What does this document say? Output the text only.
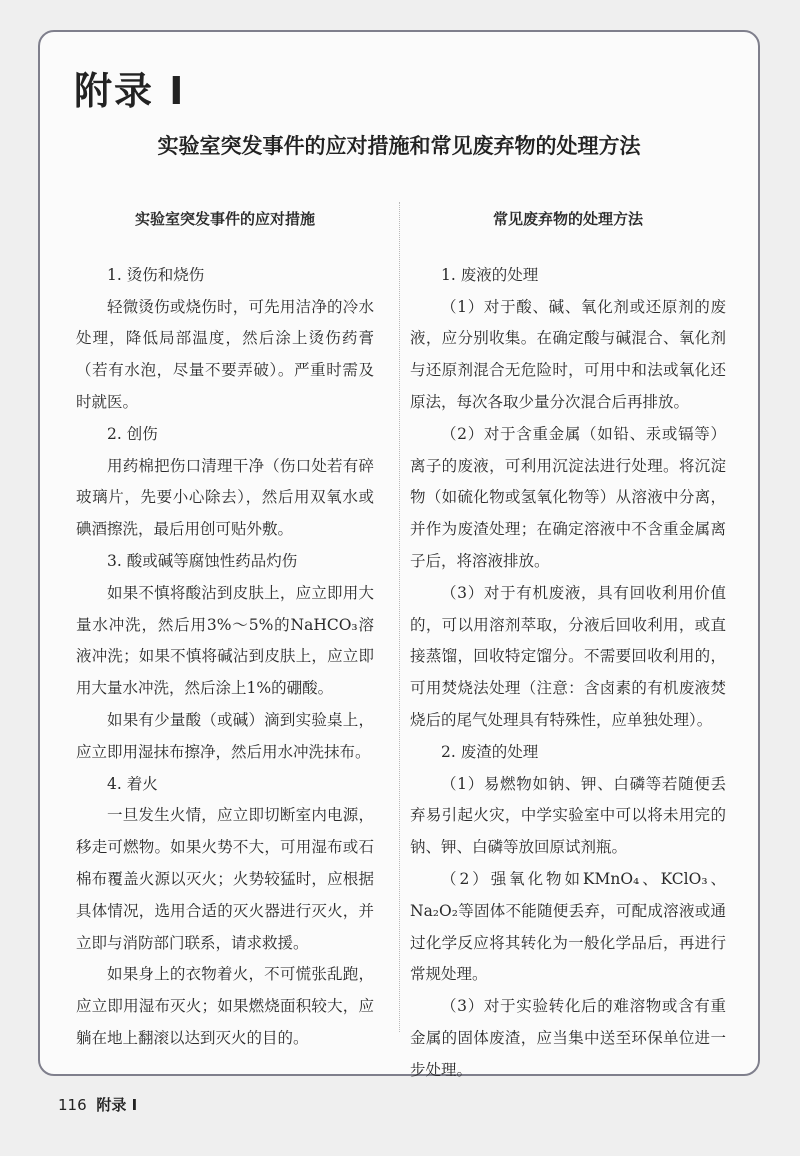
附录 I
实验室突发事件的应对措施和常见废弃物的处理方法
实验室突发事件的应对措施
1. 烫伤和烧伤
轻微烫伤或烧伤时，可先用洁净的冷水处理，降低局部温度，然后涂上烫伤药膏（若有水泡，尽量不要弄破）。严重时需及时就医。
2. 创伤
用药棉把伤口清理干净（伤口处若有碎玻璃片，先要小心除去），然后用双氧水或碘酒擦洗，最后用创可贴外敷。
3. 酸或碱等腐蚀性药品灼伤
如果不慎将酸沾到皮肤上，应立即用大量水冲洗，然后用3%～5%的NaHCO₃溶液冲洗；如果不慎将碱沾到皮肤上，应立即用大量水冲洗，然后涂上1%的硼酸。
如果有少量酸（或碱）滴到实验桌上，应立即用湿抹布擦净，然后用水冲洗抹布。
4. 着火
一旦发生火情，应立即切断室内电源，移走可燃物。如果火势不大，可用湿布或石棉布覆盖火源以灭火；火势较猛时，应根据具体情况，选用合适的灭火器进行灭火，并立即与消防部门联系，请求救援。
如果身上的衣物着火，不可慌张乱跑，应立即用湿布灭火；如果燃烧面积较大，应躺在地上翻滚以达到灭火的目的。
常见废弃物的处理方法
1. 废液的处理
（1）对于酸、碱、氧化剂或还原剂的废液，应分别收集。在确定酸与碱混合、氧化剂与还原剂混合无危险时，可用中和法或氧化还原法，每次各取少量分次混合后再排放。
（2）对于含重金属（如铅、汞或镉等）离子的废液，可利用沉淀法进行处理。将沉淀物（如硫化物或氢氧化物等）从溶液中分离，并作为废渣处理；在确定溶液中不含重金属离子后，将溶液排放。
（3）对于有机废液，具有回收利用价值的，可以用溶剂萃取，分液后回收利用，或直接蒸馏，回收特定馏分。不需要回收利用的，可用焚烧法处理（注意：含卤素的有机废液焚烧后的尾气处理具有特殊性，应单独处理）。
2. 废渣的处理
（1）易燃物如钠、钾、白磷等若随便丢弃易引起火灾，中学实验室中可以将未用完的钠、钾、白磷等放回原试剂瓶。
（2）强氧化物如KMnO₄、KClO₃、Na₂O₂等固体不能随便丢弃，可配成溶液或通过化学反应将其转化为一般化学品后，再进行常规处理。
（3）对于实验转化后的难溶物或含有重金属的固体废渣，应当集中送至环保单位进一步处理。
116 附录 I
